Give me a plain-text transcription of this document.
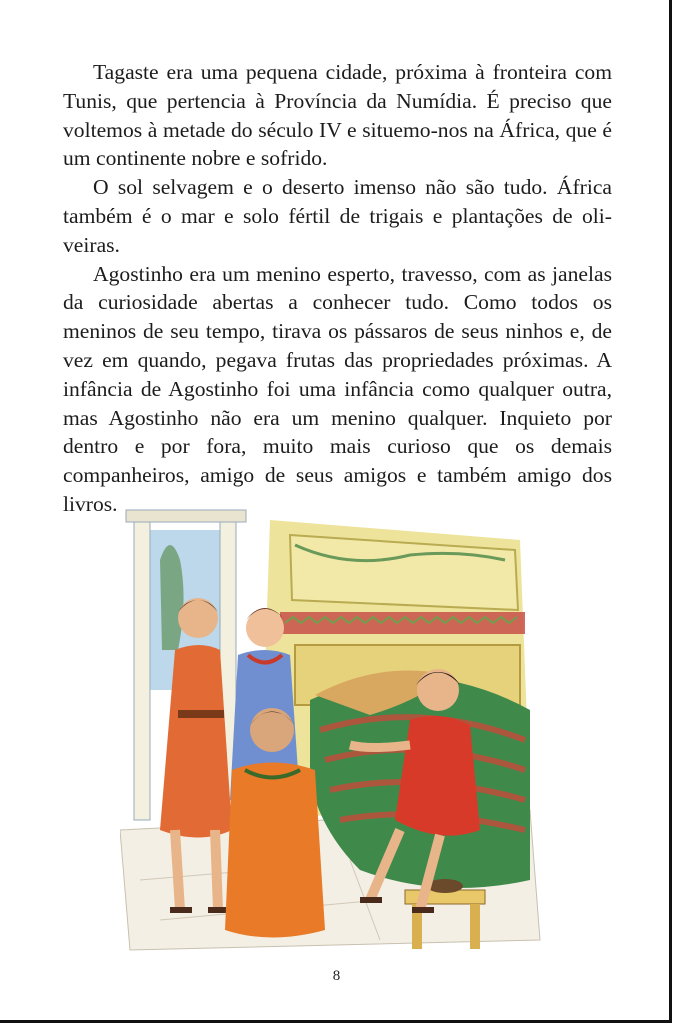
Tagaste era uma pequena cidade, próxima à fronteira com Tunis, que pertencia à Província da Numídia. É preciso que voltemos à metade do século IV e situemo-nos na África, que é um continente nobre e sofrido.

O sol selvagem e o deserto imenso não são tudo. África também é o mar e solo fértil de trigais e plantações de oliveiras.

Agostinho era um menino esperto, travesso, com as janelas da curiosidade abertas a conhecer tudo. Como todos os meninos de seu tempo, tirava os pássaros de seus ninhos e, de vez em quando, pegava frutas das propriedades próximas. A infância de Agostinho foi uma infância como qualquer outra, mas Agostinho não era um menino qualquer. Inquieto por dentro e por fora, muito mais curioso que os demais companheiros, amigo de seus amigos e também amigo dos livros.

8
